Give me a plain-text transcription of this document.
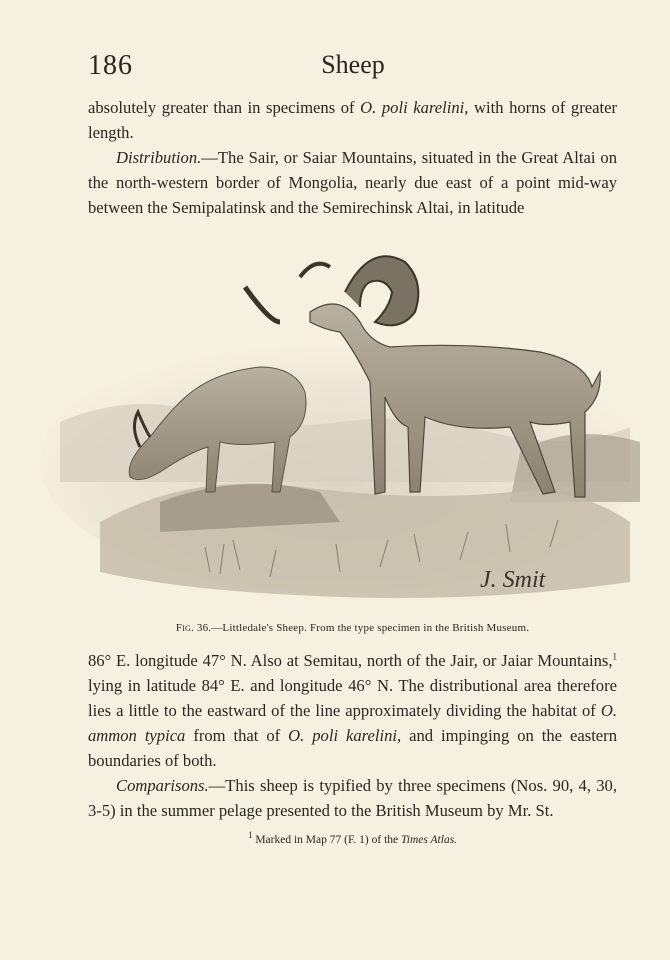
186	Sheep

absolutely greater than in specimens of O. poli karelini, with horns of greater length.

Distribution.—The Sair, or Saiar Mountains, situated in the Great Altai on the north-western border of Mongolia, nearly due east of a point mid-way between the Semipalatinsk and the Semirechinsk Altai, in latitude

J. Smit
Fig. 36.—Littledale's Sheep. From the type specimen in the British Museum.

86° E. longitude 47° N. Also at Semitau, north of the Jair, or Jaiar Mountains,$^1$ lying in latitude 84° E. and longitude 46° N. The distributional area therefore lies a little to the eastward of the line approximately dividing the habitat of O. ammon typica from that of O. poli karelini, and impinging on the eastern boundaries of both.

Comparisons.—This sheep is typified by three specimens (Nos. 90, 4, 30, 3-5) in the summer pelage presented to the British Museum by Mr. St.

$^1$ Marked in Map 77 (F. 1) of the Times Atlas.
